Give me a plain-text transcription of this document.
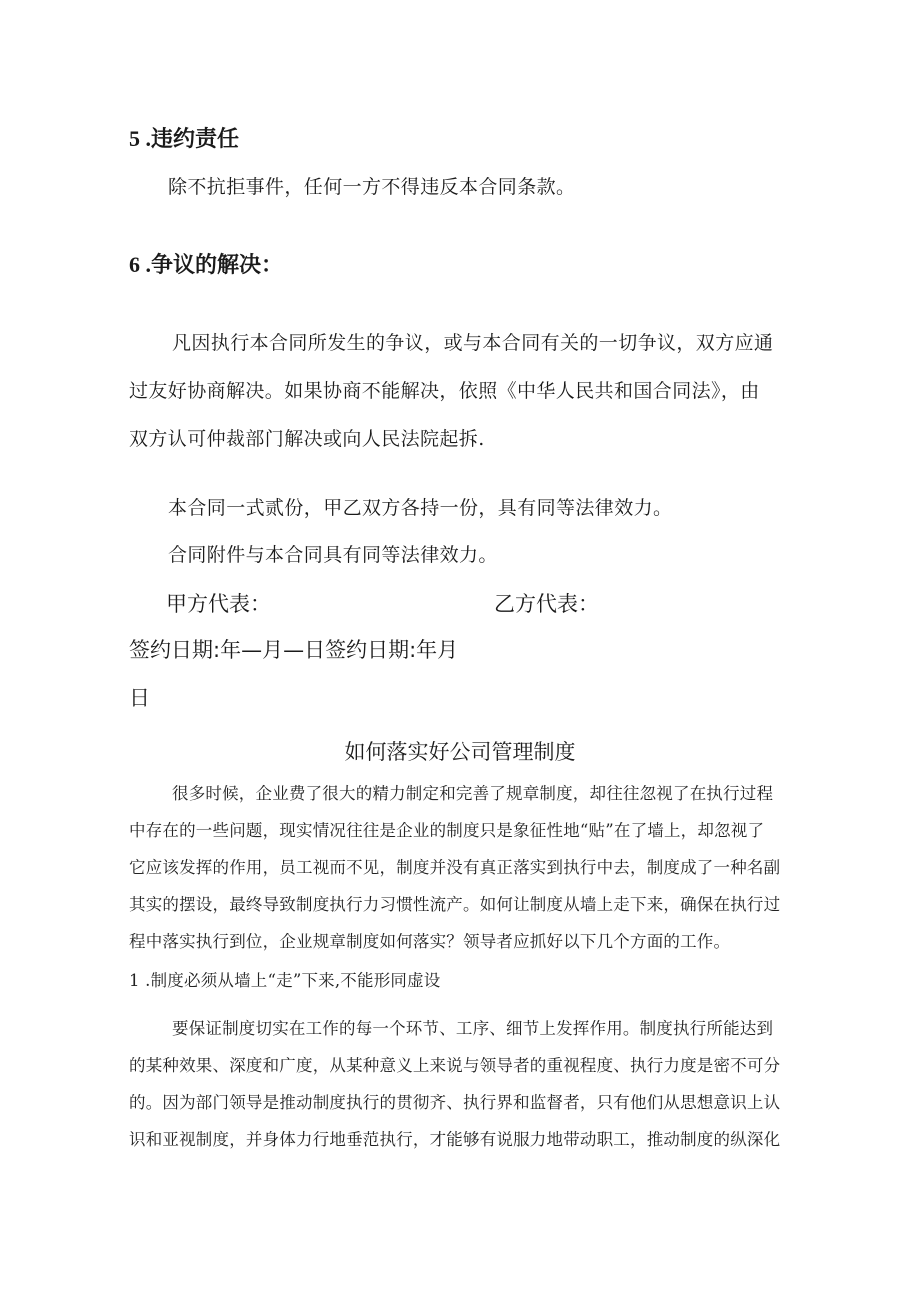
5 .违约责任
除不抗拒事件，任何一方不得违反本合同条款。
6 .争议的解决：
凡因执行本合同所发生的争议，或与本合同有关的一切争议，双方应通
过友好协商解决。如果协商不能解决，依照《中华人民共和国合同法》，由
双方认可仲裁部门解决或向人民法院起拆.
本合同一式贰份，甲乙双方各持一份，具有同等法律效力。
合同附件与本合同具有同等法律效力。
甲方代表：	乙方代表：
签约日期:年—月—日签约日期:年月
日
如何落实好公司管理制度
很多时候，企业费了很大的精力制定和完善了规章制度，却往往忽视了在执行过程
中存在的一些问题，现实情况往往是企业的制度只是象征性地“贴”在了墙上，却忽视了
它应该发挥的作用，员工视而不见，制度并没有真正落实到执行中去，制度成了一种名副
其实的摆设，最终导致制度执行力习惯性流产。如何让制度从墙上走下来，确保在执行过
程中落实执行到位，企业规章制度如何落实？领导者应抓好以下几个方面的工作。
1 .制度必须从墙上“走”下来,不能形同虚设
要保证制度切实在工作的每一个环节、工序、细节上发挥作用。制度执行所能达到
的某种效果、深度和广度，从某种意义上来说与领导者的重视程度、执行力度是密不可分
的。因为部门领导是推动制度执行的贯彻齐、执行界和监督者，只有他们从思想意识上认
识和亚视制度，并身体力行地垂范执行，才能够有说服力地带动职工，推动制度的纵深化
